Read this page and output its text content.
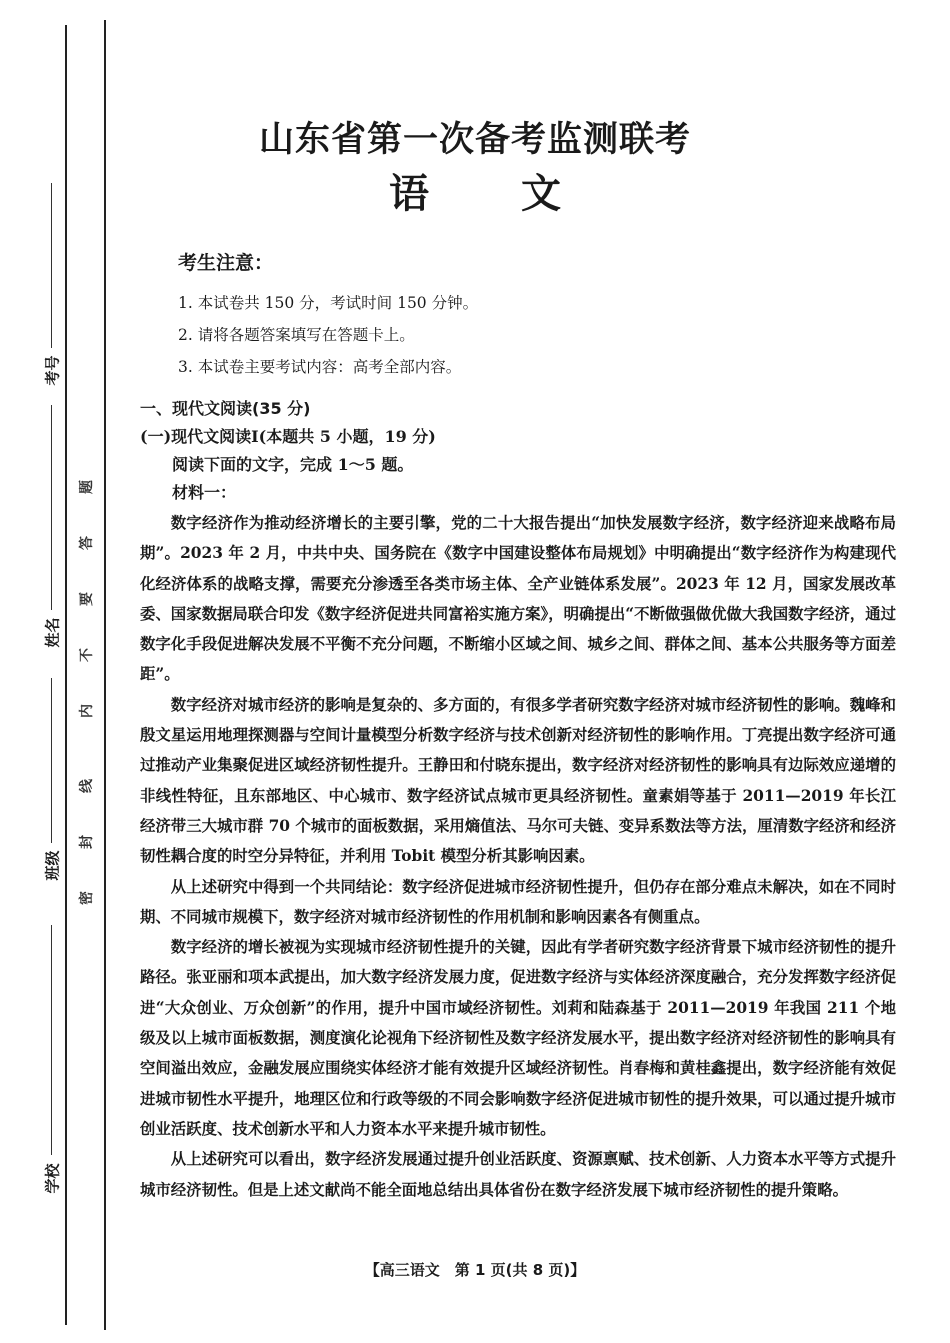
考号
姓名
班级
学校
题
答
要
不
内
线
封
密
山东省第一次备考监测联考
语 文
考生注意：
1. 本试卷共 150 分，考试时间 150 分钟。
2. 请将各题答案填写在答题卡上。
3. 本试卷主要考试内容：高考全部内容。
一、现代文阅读(35 分)
(一)现代文阅读Ⅰ(本题共 5 小题，19 分)
阅读下面的文字，完成 1～5 题。
材料一：

数字经济作为推动经济增长的主要引擎，党的二十大报告提出“加快发展数字经济，数字经济迎来战略布局期”。2023 年 2 月，中共中央、国务院在《数字中国建设整体布局规划》中明确提出“数字经济作为构建现代化经济体系的战略支撑，需要充分渗透至各类市场主体、全产业链体系发展”。2023 年 12 月，国家发展改革委、国家数据局联合印发《数字经济促进共同富裕实施方案》，明确提出“不断做强做优做大我国数字经济，通过数字化手段促进解决发展不平衡不充分问题，不断缩小区域之间、城乡之间、群体之间、基本公共服务等方面差距”。

数字经济对城市经济的影响是复杂的、多方面的，有很多学者研究数字经济对城市经济韧性的影响。魏峰和殷文星运用地理探测器与空间计量模型分析数字经济与技术创新对经济韧性的影响作用。丁亮提出数字经济可通过推动产业集聚促进区域经济韧性提升。王静田和付晓东提出，数字经济对经济韧性的影响具有边际效应递增的非线性特征，且东部地区、中心城市、数字经济试点城市更具经济韧性。童素娟等基于 2011—2019 年长江经济带三大城市群 70 个城市的面板数据，采用熵值法、马尔可夫链、变异系数法等方法，厘清数字经济和经济韧性耦合度的时空分异特征，并利用 Tobit 模型分析其影响因素。

从上述研究中得到一个共同结论：数字经济促进城市经济韧性提升，但仍存在部分难点未解决，如在不同时期、不同城市规模下，数字经济对城市经济韧性的作用机制和影响因素各有侧重点。

数字经济的增长被视为实现城市经济韧性提升的关键，因此有学者研究数字经济背景下城市经济韧性的提升路径。张亚丽和项本武提出，加大数字经济发展力度，促进数字经济与实体经济深度融合，充分发挥数字经济促进“大众创业、万众创新”的作用，提升中国市域经济韧性。刘莉和陆森基于 2011—2019 年我国 211 个地级及以上城市面板数据，测度演化论视角下经济韧性及数字经济发展水平，提出数字经济对经济韧性的影响具有空间溢出效应，金融发展应围绕实体经济才能有效提升区域经济韧性。肖春梅和黄桂鑫提出，数字经济能有效促进城市韧性水平提升，地理区位和行政等级的不同会影响数字经济促进城市韧性的提升效果，可以通过提升城市创业活跃度、技术创新水平和人力资本水平来提升城市韧性。

从上述研究可以看出，数字经济发展通过提升创业活跃度、资源禀赋、技术创新、人力资本水平等方式提升城市经济韧性。但是上述文献尚不能全面地总结出具体省份在数字经济发展下城市经济韧性的提升策略。

【高三语文　第 1 页(共 8 页)】
